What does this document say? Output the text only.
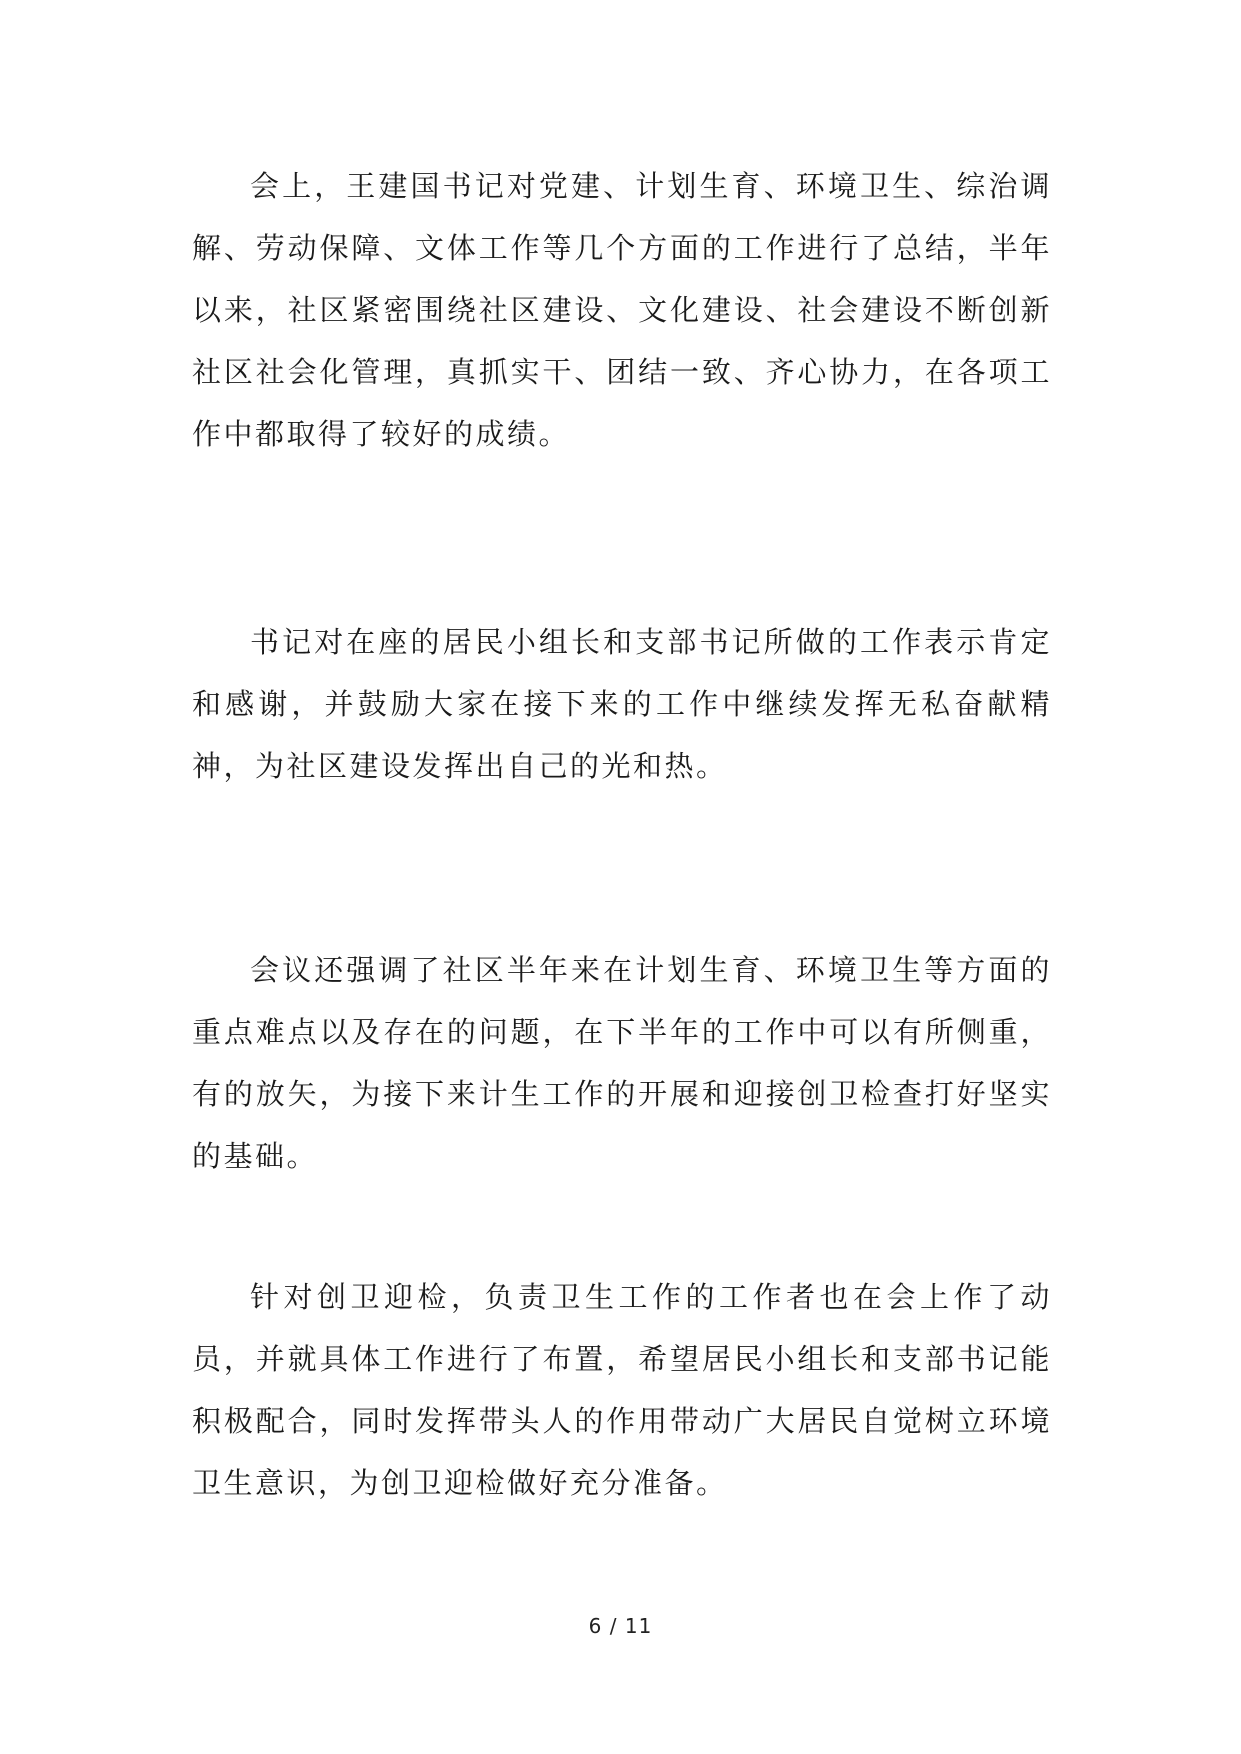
会上，王建国书记对党建、计划生育、环境卫生、综治调解、劳动保障、文体工作等几个方面的工作进行了总结，半年以来，社区紧密围绕社区建设、文化建设、社会建设不断创新社区社会化管理，真抓实干、团结一致、齐心协力，在各项工作中都取得了较好的成绩。

书记对在座的居民小组长和支部书记所做的工作表示肯定和感谢，并鼓励大家在接下来的工作中继续发挥无私奋献精神，为社区建设发挥出自己的光和热。

会议还强调了社区半年来在计划生育、环境卫生等方面的重点难点以及存在的问题，在下半年的工作中可以有所侧重，有的放矢，为接下来计生工作的开展和迎接创卫检查打好坚实的基础。

针对创卫迎检，负责卫生工作的工作者也在会上作了动员，并就具体工作进行了布置，希望居民小组长和支部书记能积极配合，同时发挥带头人的作用带动广大居民自觉树立环境卫生意识，为创卫迎检做好充分准备。

6 / 11
